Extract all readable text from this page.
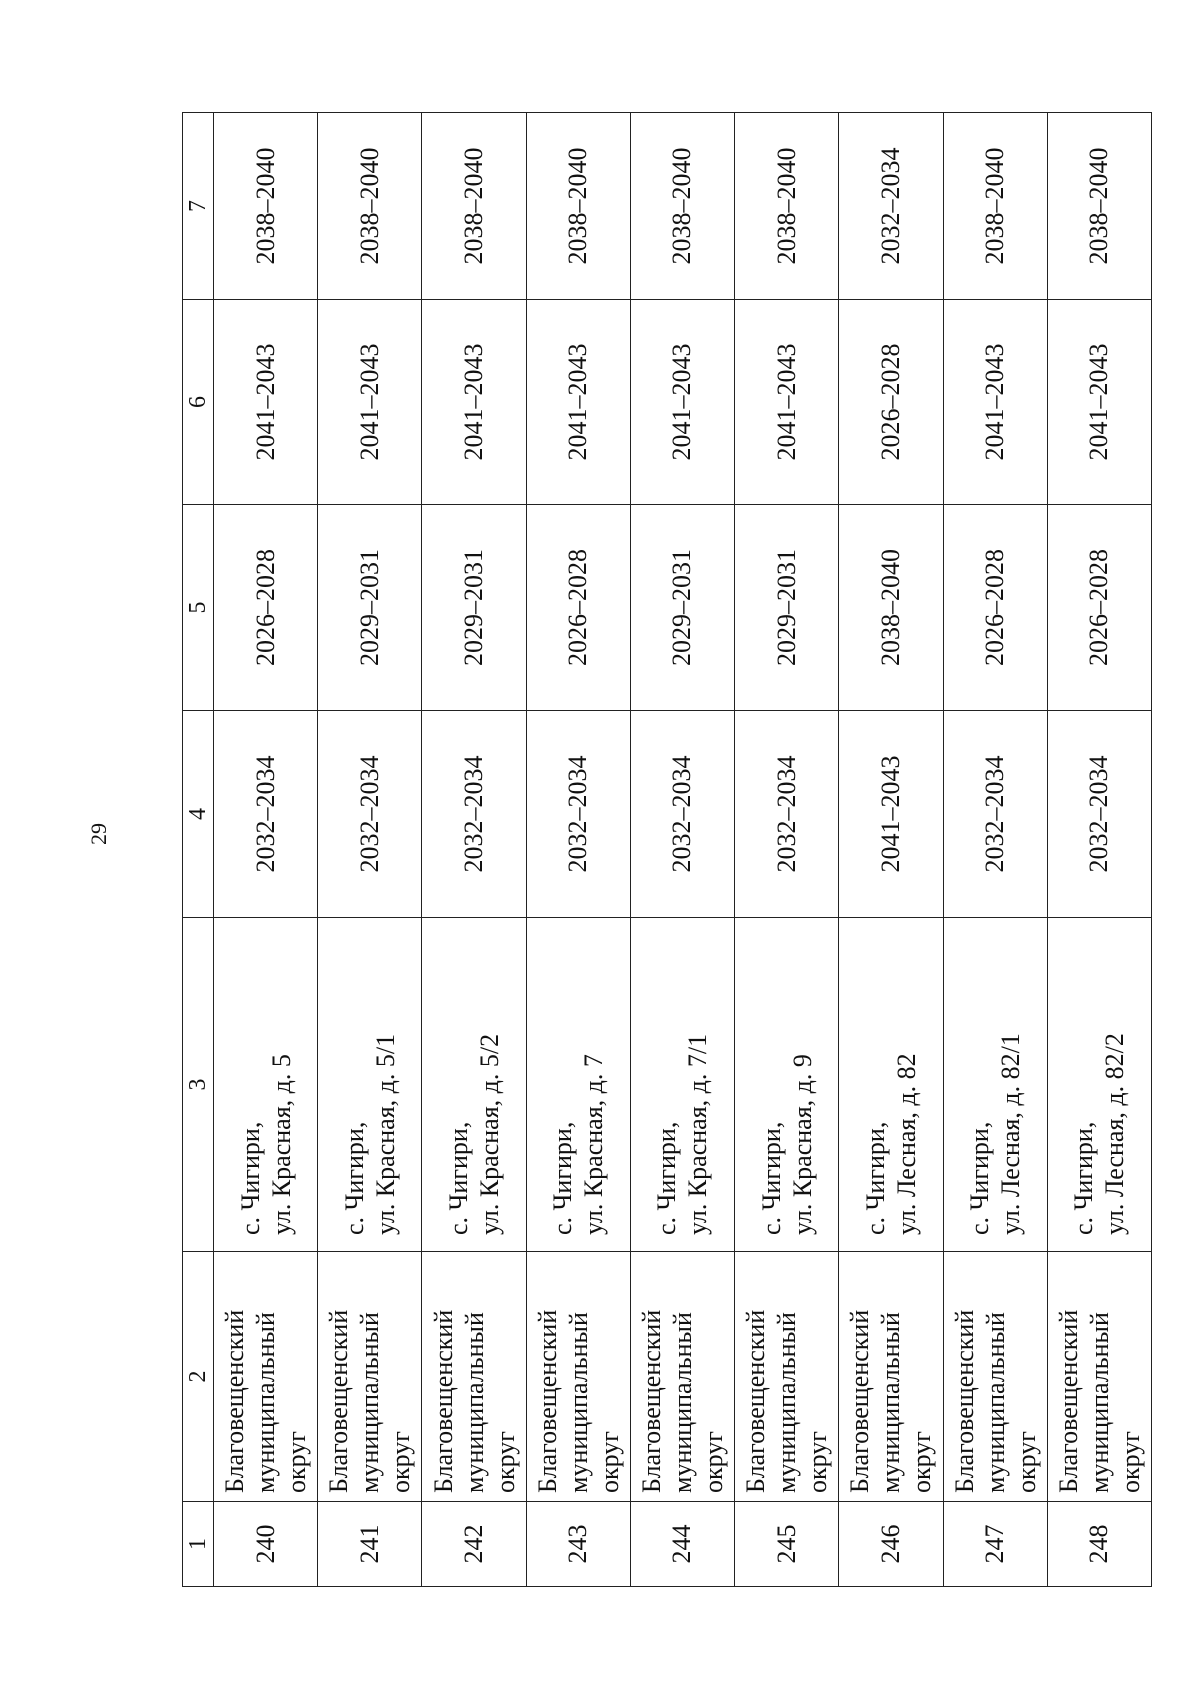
29
1	2	3	4	5	6	7
240	Благовещенский
муниципальный
округ	с. Чигири,
ул. Красная, д. 5	2032–2034	2026–2028	2041–2043	2038–2040
241	Благовещенский
муниципальный
округ	с. Чигири,
ул. Красная, д. 5/1	2032–2034	2029–2031	2041–2043	2038–2040
242	Благовещенский
муниципальный
округ	с. Чигири,
ул. Красная, д. 5/2	2032–2034	2029–2031	2041–2043	2038–2040
243	Благовещенский
муниципальный
округ	с. Чигири,
ул. Красная, д. 7	2032–2034	2026–2028	2041–2043	2038–2040
244	Благовещенский
муниципальный
округ	с. Чигири,
ул. Красная, д. 7/1	2032–2034	2029–2031	2041–2043	2038–2040
245	Благовещенский
муниципальный
округ	с. Чигири,
ул. Красная, д. 9	2032–2034	2029–2031	2041–2043	2038–2040
246	Благовещенский
муниципальный
округ	с. Чигири,
ул. Лесная, д. 82	2041–2043	2038–2040	2026–2028	2032–2034
247	Благовещенский
муниципальный
округ	с. Чигири,
ул. Лесная, д. 82/1	2032–2034	2026–2028	2041–2043	2038–2040
248	Благовещенский
муниципальный
округ	с. Чигири,
ул. Лесная, д. 82/2	2032–2034	2026–2028	2041–2043	2038–2040
